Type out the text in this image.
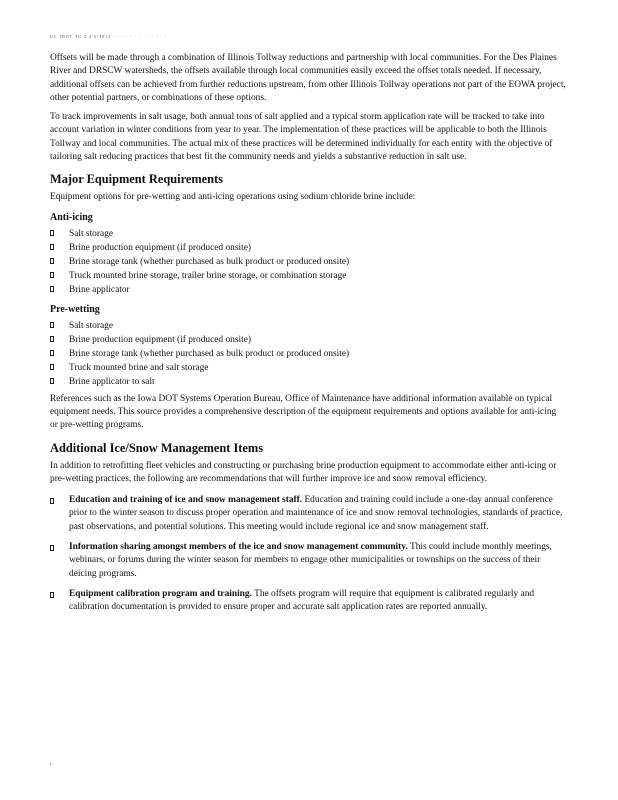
UC IDOT TC 4 4 5/2015 · · · · · · · · · · · · '

Offsets will be made through a combination of Illinois Tollway reductions and partnership with local communities. For the Des Plaines River and DRSCW watersheds, the offsets available through local communities easily exceed the offset totals needed. If necessary, additional offsets can be achieved from further reductions upstream, from other Illinois Tollway operations not part of the EOWA project, other potential partners, or combinations of these options.

To track improvements in salt usage, both annual tons of salt applied and a typical storm application rate will be tracked to take into account variation in winter conditions from year to year. The implementation of these practices will be applicable to both the Illinois Tollway and local communities. The actual mix of these practices will be determined individually for each entity with the objective of tailoring salt reducing practices that best fit the community needs and yields a substantive reduction in salt use.

Major Equipment Requirements

Equipment options for pre-wetting and anti-icing operations using sodium chloride brine include:

Anti-icing
Salt storage
Brine production equipment (if produced onsite)
Brine storage tank (whether purchased as bulk product or produced onsite)
Truck mounted brine storage, trailer brine storage, or combination storage
Brine applicator
Pre-wetting
Salt storage
Brine production equipment (if produced onsite)
Brine storage tank (whether purchased as bulk product or produced onsite)
Truck mounted brine and salt storage
Brine applicator to salt

References such as the Iowa DOT Systems Operation Bureau, Office of Maintenance have additional information available on typical equipment needs. This source provides a comprehensive description of the equipment requirements and options available for anti-icing or pre-wetting programs.

Additional Ice/Snow Management Items

In addition to retrofitting fleet vehicles and constructing or purchasing brine production equipment to accommodate either anti-icing or pre-wetting practices, the following are recommendations that will further improve ice and snow removal efficiency.

Education and training of ice and snow management staff. Education and training could include a one-day annual conference prior to the winter season to discuss proper operation and maintenance of ice and snow removal technologies, standards of practice, past observations, and potential solutions. This meeting would include regional ice and snow management staff.

Information sharing amongst members of the ice and snow management community. This could include monthly meetings, webinars, or forums during the winter season for members to engage other municipalities or townships on the success of their deicing programs.

Equipment calibration program and training. The offsets program will require that equipment is calibrated regularly and calibration documentation is provided to ensure proper and accurate salt application rates are reported annually.

i
